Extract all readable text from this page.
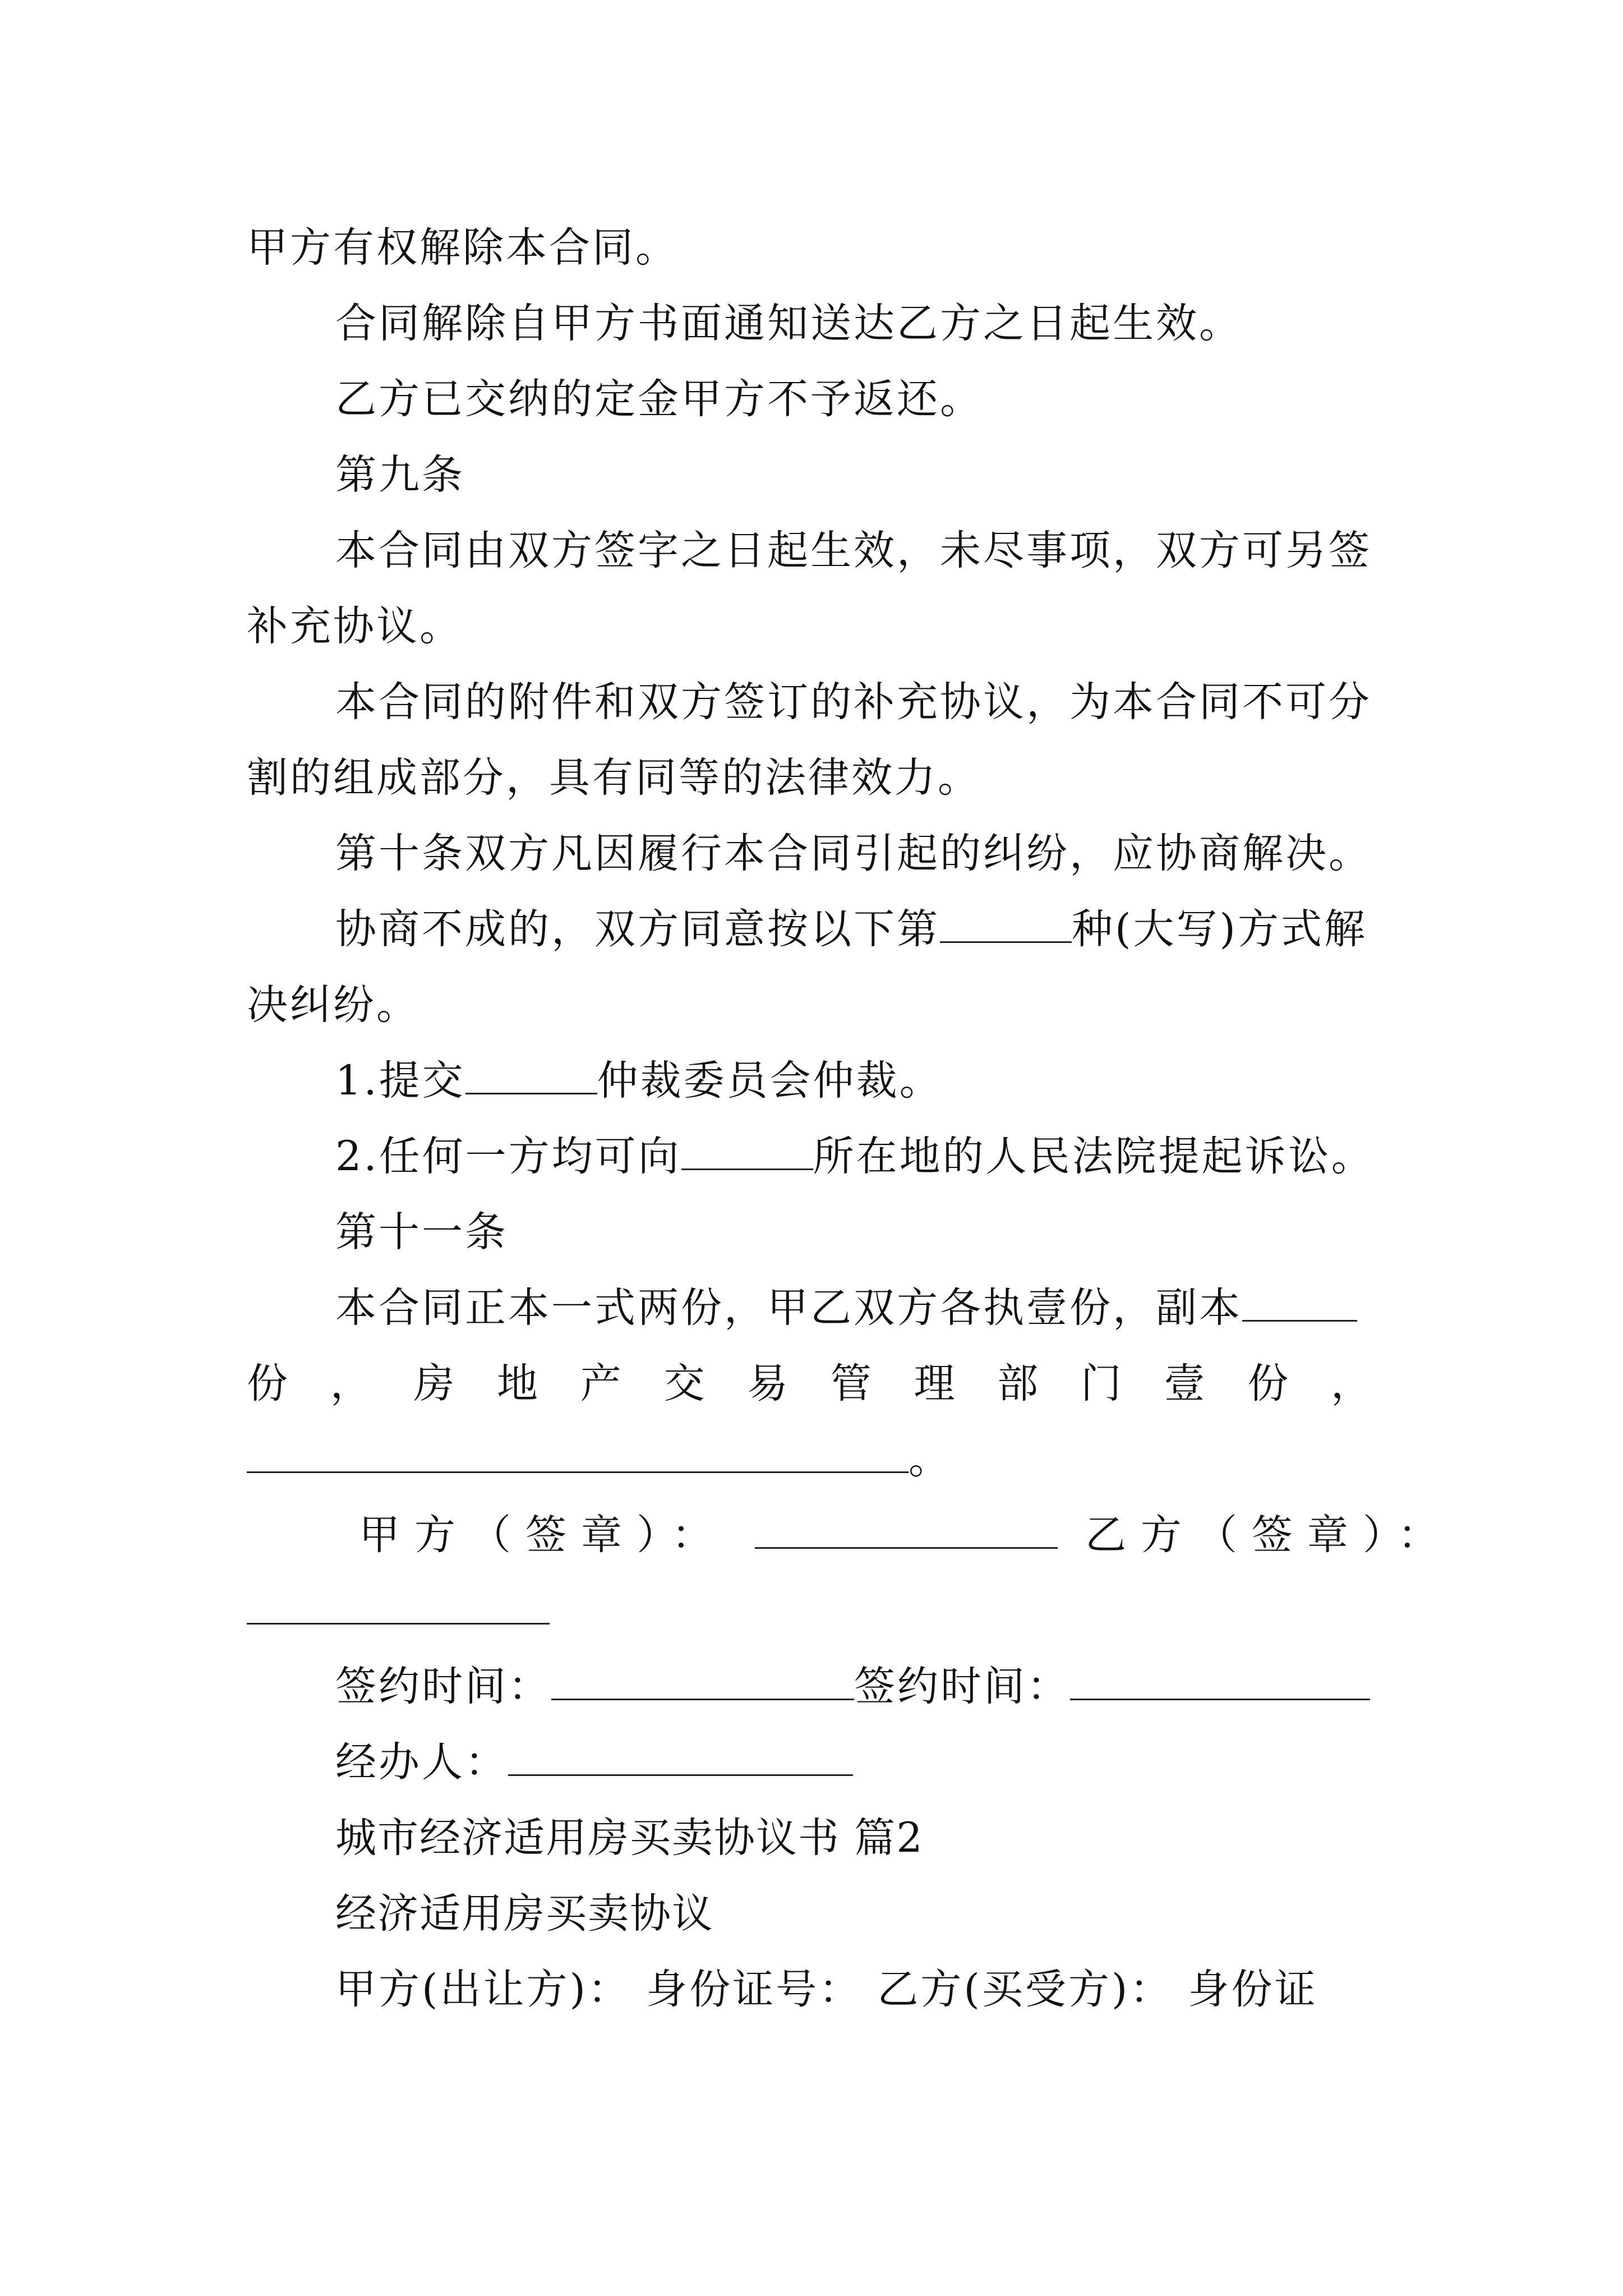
甲方有权解除本合同。
合同解除自甲方书面通知送达乙方之日起生效。
乙方已交纳的定金甲方不予返还。
第九条
本合同由双方签字之日起生效，未尽事项，双方可另签
补充协议。
本合同的附件和双方签订的补充协议，为本合同不可分
割的组成部分，具有同等的法律效力。
第十条双方凡因履行本合同引起的纠纷，应协商解决。
协商不成的，双方同意按以下第	种(大写)方式解
决纠纷。
1.提交	仲裁委员会仲裁。
2.任何一方均可向	所在地的人民法院提起诉讼。
第十一条
本合同正本一式两份，甲乙双方各执壹份，副本
份 ， 房 地 产 交 易 管 理 部 门 壹 份 ，
。
甲方（签章）：	乙方（签章）：
签约时间：	签约时间：
经办人：
城市经济适用房买卖协议书 篇2
经济适用房买卖协议
甲方(出让方)： 身份证号： 乙方(买受方)： 身份证
